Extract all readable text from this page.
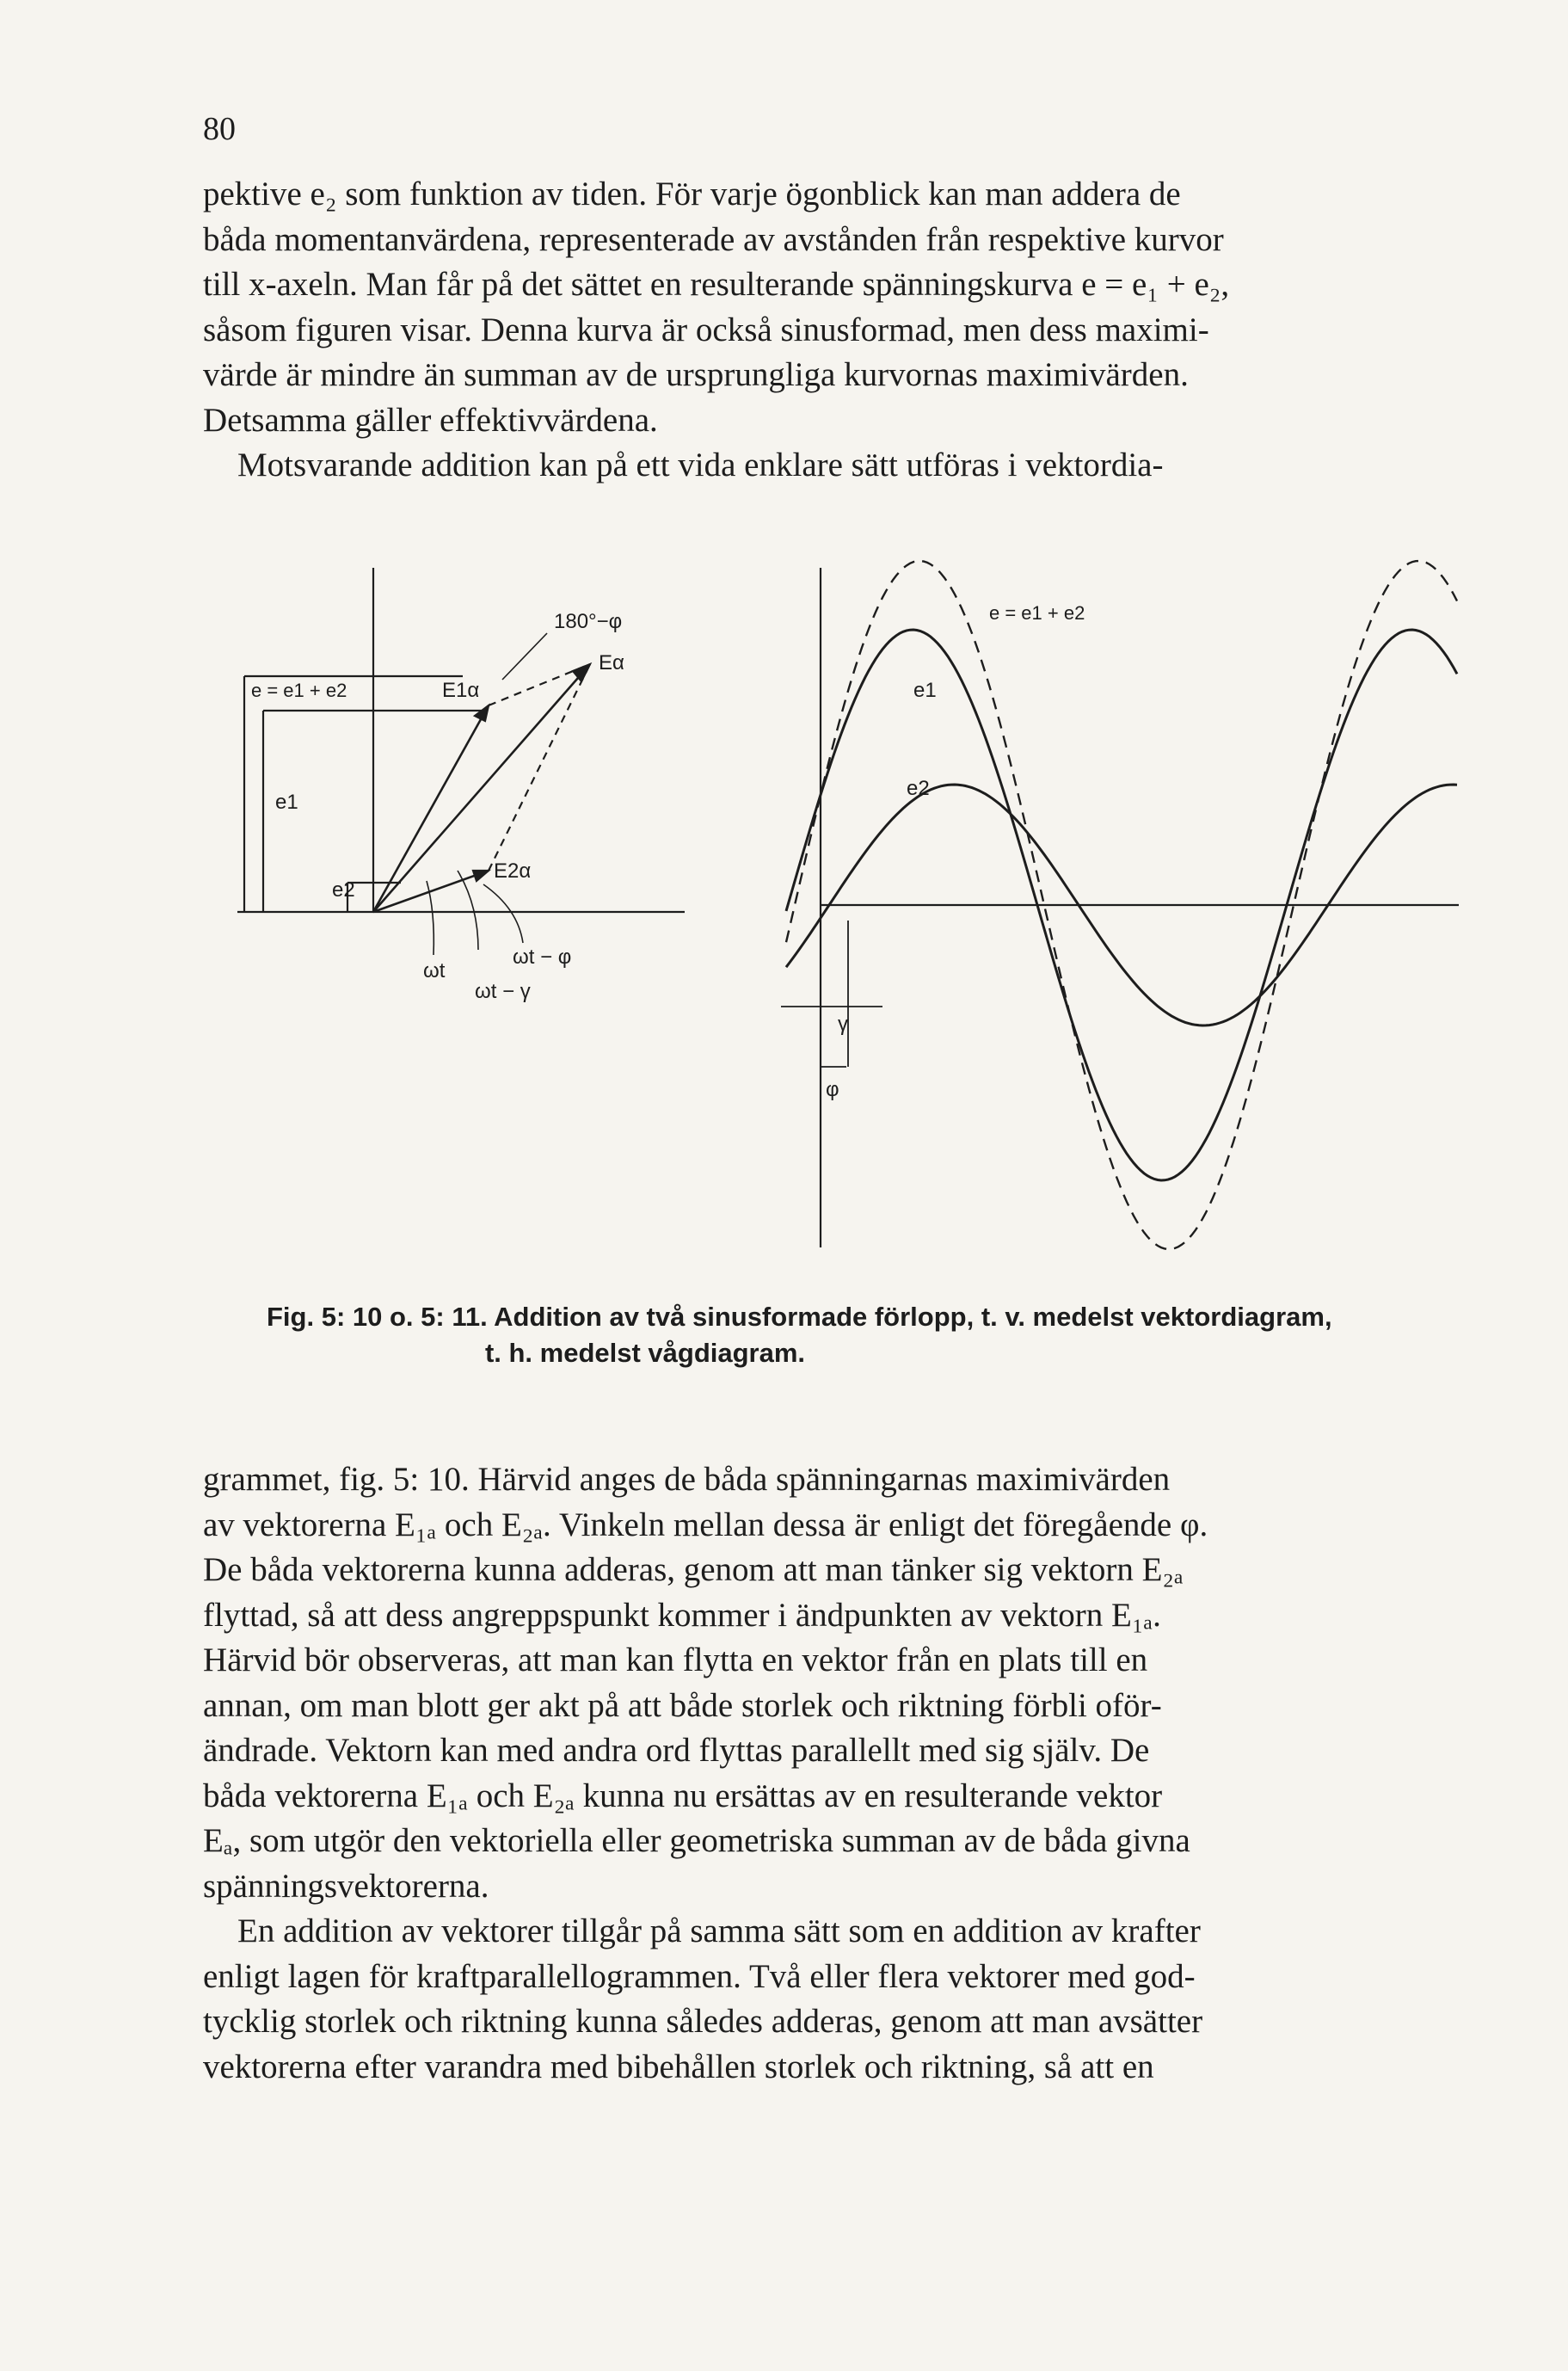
80

pektive e₂ som funktion av tiden. För varje ögonblick kan man addera de

båda momentanvärdena, representerade av avstånden från respektive kurvor

till x-axeln. Man får på det sättet en resulterande spänningskurva e = e₁ + e₂,

såsom figuren visar. Denna kurva är också sinusformad, men dess maximi-

värde är mindre än summan av de ursprungliga kurvornas maximivärden.

Detsamma gäller effektivvärdena.

Motsvarande addition kan på ett vida enklare sätt utföras i vektordia-

180°−φ
Eα
E1α
E2α
e = e1 + e2
e1
e2
ωt
ωt − φ
ωt − γ
e = e1 + e2
e1
e2
γ
φ
Fig. 5: 10 o. 5: 11. Addition av två sinusformade förlopp, t. v. medelst vektordiagram,
t. h. medelst vågdiagram.

grammet, fig. 5: 10. Härvid anges de båda spänningarnas maximivärden

av vektorerna E₁ₐ och E₂ₐ. Vinkeln mellan dessa är enligt det föregående φ.

De båda vektorerna kunna adderas, genom att man tänker sig vektorn E₂ₐ

flyttad, så att dess angreppspunkt kommer i ändpunkten av vektorn E₁ₐ.

Härvid bör observeras, att man kan flytta en vektor från en plats till en

annan, om man blott ger akt på att både storlek och riktning förbli oför-

ändrade. Vektorn kan med andra ord flyttas parallellt med sig själv. De

båda vektorerna E₁ₐ och E₂ₐ kunna nu ersättas av en resulterande vektor

Eₐ, som utgör den vektoriella eller geometriska summan av de båda givna

spänningsvektorerna.

En addition av vektorer tillgår på samma sätt som en addition av krafter

enligt lagen för kraftparallellogrammen. Två eller flera vektorer med god-

tycklig storlek och riktning kunna således adderas, genom att man avsätter

vektorerna efter varandra med bibehållen storlek och riktning, så att en
